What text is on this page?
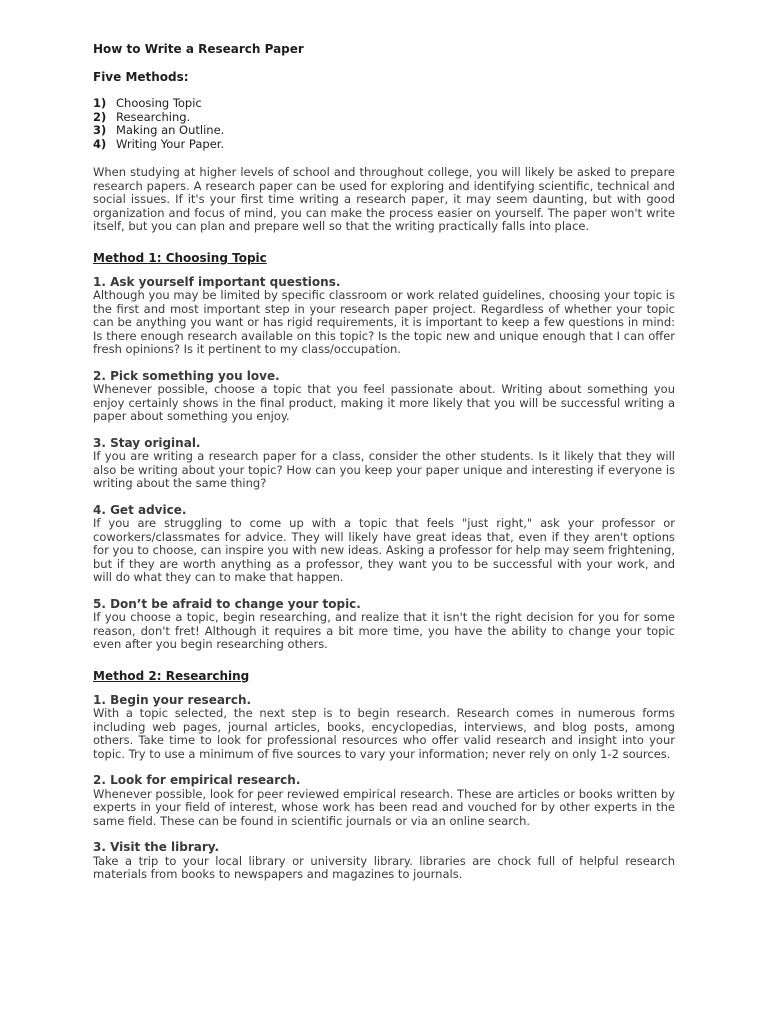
How to Write a Research Paper
Five Methods:
1) Choosing Topic
2) Researching.
3) Making an Outline.
4) Writing Your Paper.

When studying at higher levels of school and throughout college, you will likely be asked to prepare research papers. A research paper can be used for exploring and identifying scientific, technical and social issues. If it's your first time writing a research paper, it may seem daunting, but with good organization and focus of mind, you can make the process easier on yourself. The paper won't write itself, but you can plan and prepare well so that the writing practically falls into place.

Method 1: Choosing Topic

1. Ask yourself important questions.

Although you may be limited by specific classroom or work related guidelines, choosing your topic is the first and most important step in your research paper project. Regardless of whether your topic can be anything you want or has rigid requirements, it is important to keep a few questions in mind: Is there enough research available on this topic? Is the topic new and unique enough that I can offer fresh opinions? Is it pertinent to my class/occupation.

2. Pick something you love.

Whenever possible, choose a topic that you feel passionate about. Writing about something you enjoy certainly shows in the final product, making it more likely that you will be successful writing a paper about something you enjoy.

3. Stay original.

If you are writing a research paper for a class, consider the other students. Is it likely that they will also be writing about your topic? How can you keep your paper unique and interesting if everyone is writing about the same thing?

4. Get advice.

If you are struggling to come up with a topic that feels "just right," ask your professor or coworkers/classmates for advice. They will likely have great ideas that, even if they aren't options for you to choose, can inspire you with new ideas. Asking a professor for help may seem frightening, but if they are worth anything as a professor, they want you to be successful with your work, and will do what they can to make that happen.

5. Don’t be afraid to change your topic.

If you choose a topic, begin researching, and realize that it isn't the right decision for you for some reason, don't fret! Although it requires a bit more time, you have the ability to change your topic even after you begin researching others.

Method 2: Researching

1. Begin your research.

With a topic selected, the next step is to begin research. Research comes in numerous forms including web pages, journal articles, books, encyclopedias, interviews, and blog posts, among others. Take time to look for professional resources who offer valid research and insight into your topic. Try to use a minimum of five sources to vary your information; never rely on only 1-2 sources.

2. Look for empirical research.

Whenever possible, look for peer reviewed empirical research. These are articles or books written by experts in your field of interest, whose work has been read and vouched for by other experts in the same field. These can be found in scientific journals or via an online search.

3. Visit the library.

Take a trip to your local library or university library. libraries are chock full of helpful research materials from books to newspapers and magazines to journals.
